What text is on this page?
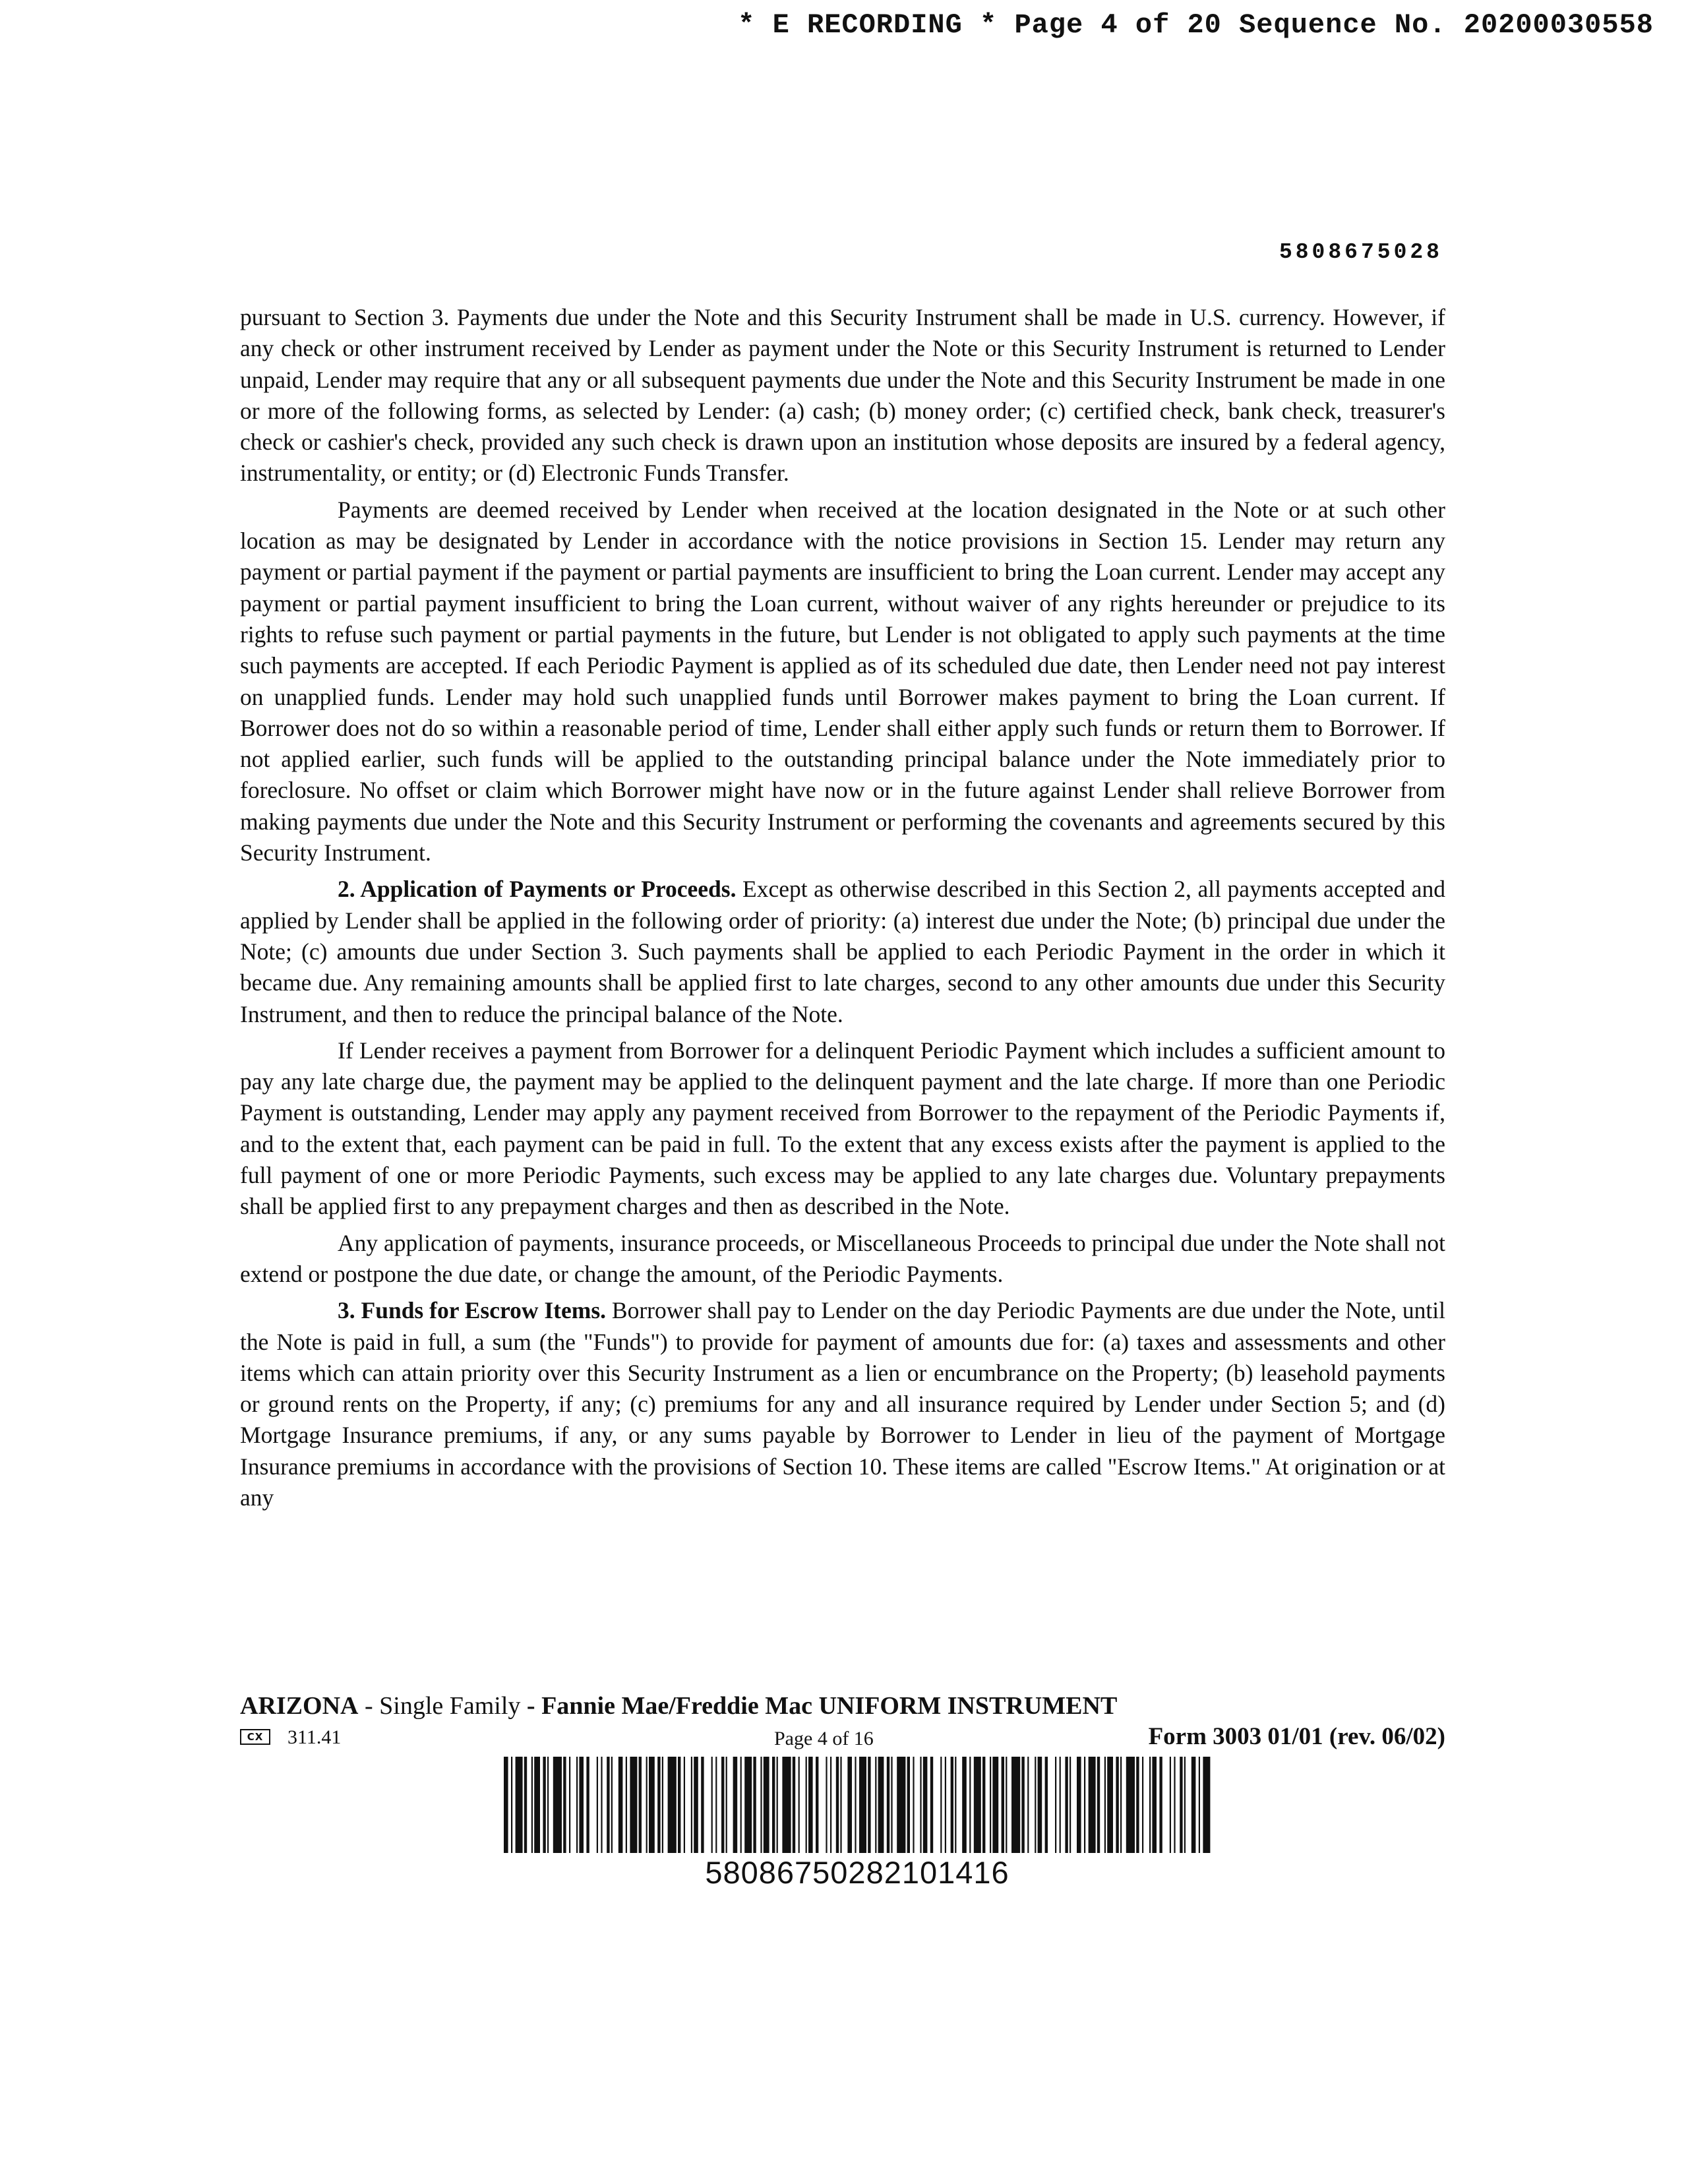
* E RECORDING * Page 4 of 20 Sequence No. 20200030558
5808675028

pursuant to Section 3. Payments due under the Note and this Security Instrument shall be made in U.S. currency. However, if any check or other instrument received by Lender as payment under the Note or this Security Instrument is returned to Lender unpaid, Lender may require that any or all subsequent payments due under the Note and this Security Instrument be made in one or more of the following forms, as selected by Lender: (a) cash; (b) money order; (c) certified check, bank check, treasurer's check or cashier's check, provided any such check is drawn upon an institution whose deposits are insured by a federal agency, instrumentality, or entity; or (d) Electronic Funds Transfer.

Payments are deemed received by Lender when received at the location designated in the Note or at such other location as may be designated by Lender in accordance with the notice provisions in Section 15. Lender may return any payment or partial payment if the payment or partial payments are insufficient to bring the Loan current. Lender may accept any payment or partial payment insufficient to bring the Loan current, without waiver of any rights hereunder or prejudice to its rights to refuse such payment or partial payments in the future, but Lender is not obligated to apply such payments at the time such payments are accepted. If each Periodic Payment is applied as of its scheduled due date, then Lender need not pay interest on unapplied funds. Lender may hold such unapplied funds until Borrower makes payment to bring the Loan current. If Borrower does not do so within a reasonable period of time, Lender shall either apply such funds or return them to Borrower. If not applied earlier, such funds will be applied to the outstanding principal balance under the Note immediately prior to foreclosure. No offset or claim which Borrower might have now or in the future against Lender shall relieve Borrower from making payments due under the Note and this Security Instrument or performing the covenants and agreements secured by this Security Instrument.

2. Application of Payments or Proceeds. Except as otherwise described in this Section 2, all payments accepted and applied by Lender shall be applied in the following order of priority: (a) interest due under the Note; (b) principal due under the Note; (c) amounts due under Section 3. Such payments shall be applied to each Periodic Payment in the order in which it became due. Any remaining amounts shall be applied first to late charges, second to any other amounts due under this Security Instrument, and then to reduce the principal balance of the Note.

If Lender receives a payment from Borrower for a delinquent Periodic Payment which includes a sufficient amount to pay any late charge due, the payment may be applied to the delinquent payment and the late charge. If more than one Periodic Payment is outstanding, Lender may apply any payment received from Borrower to the repayment of the Periodic Payments if, and to the extent that, each payment can be paid in full. To the extent that any excess exists after the payment is applied to the full payment of one or more Periodic Payments, such excess may be applied to any late charges due. Voluntary prepayments shall be applied first to any prepayment charges and then as described in the Note.

Any application of payments, insurance proceeds, or Miscellaneous Proceeds to principal due under the Note shall not extend or postpone the due date, or change the amount, of the Periodic Payments.

3. Funds for Escrow Items. Borrower shall pay to Lender on the day Periodic Payments are due under the Note, until the Note is paid in full, a sum (the "Funds") to provide for payment of amounts due for: (a) taxes and assessments and other items which can attain priority over this Security Instrument as a lien or encumbrance on the Property; (b) leasehold payments or ground rents on the Property, if any; (c) premiums for any and all insurance required by Lender under Section 5; and (d) Mortgage Insurance premiums, if any, or any sums payable by Borrower to Lender in lieu of the payment of Mortgage Insurance premiums in accordance with the provisions of Section 10. These items are called "Escrow Items." At origination or at any

ARIZONA - Single Family - Fannie Mae/Freddie Mac UNIFORM INSTRUMENT
CX	311.41	Page 4 of 16	Form 3003 01/01 (rev. 06/02)
58086750282101416
